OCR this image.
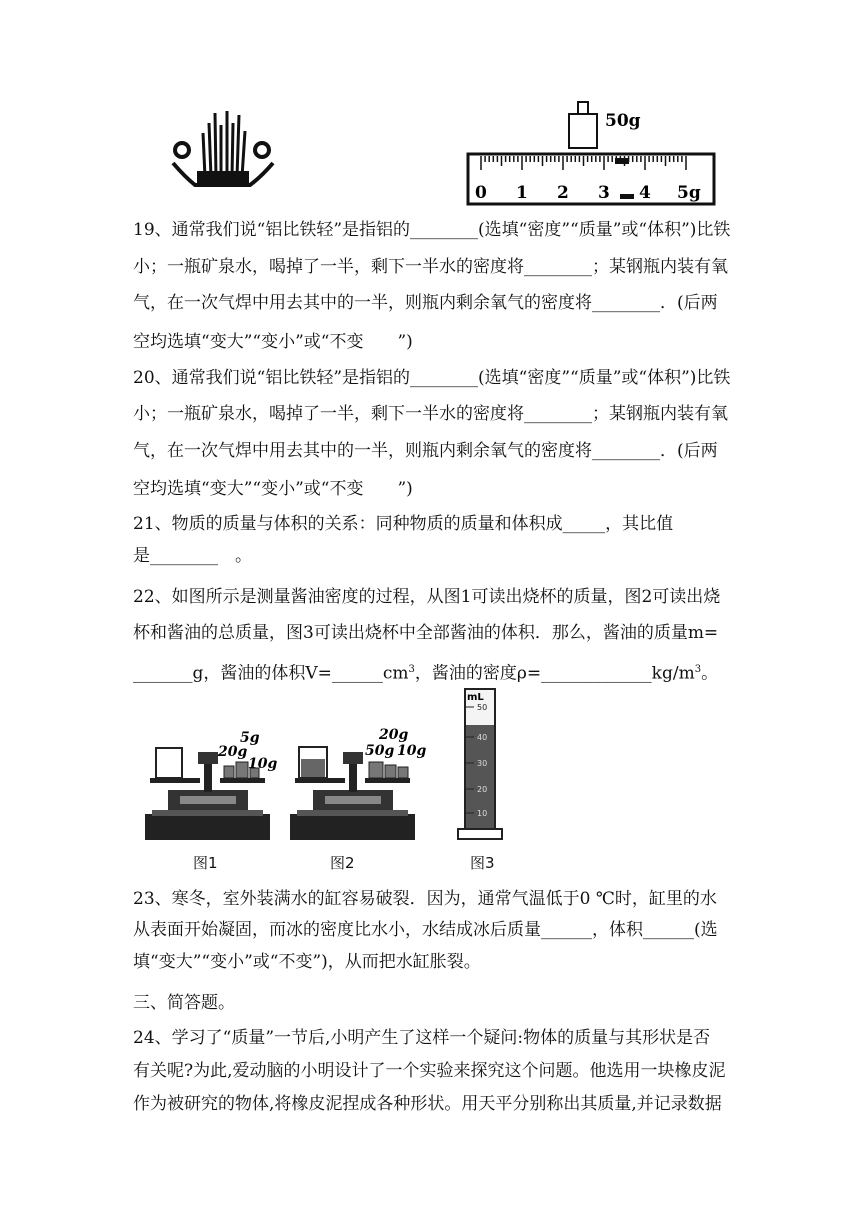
50g
0 1 2 3 4 5g
19、通常我们说“铝比铁轻”是指铝的________(选填“密度”“质量”或“体积”)比铁
小；一瓶矿泉水，喝掉了一半，剩下一半水的密度将________；某钢瓶内装有氧
气，在一次气焊中用去其中的一半，则瓶内剩余氧气的密度将________．(后两
空均选填“变大”“变小”或“不变　　”)
20、通常我们说“铝比铁轻”是指铝的________(选填“密度”“质量”或“体积”)比铁
小；一瓶矿泉水，喝掉了一半，剩下一半水的密度将________；某钢瓶内装有氧
气，在一次气焊中用去其中的一半，则瓶内剩余氧气的密度将________．(后两
空均选填“变大”“变小”或“不变　　”)
21、物质的质量与体积的关系：同种物质的质量和体积成_____，其比值
是________　。
22、如图所示是测量酱油密度的过程，从图1可读出烧杯的质量，图2可读出烧
杯和酱油的总质量，图3可读出烧杯中全部酱油的体积．那么，酱油的质量m=
_______g，酱油的体积$V=\_\_\_\_\_\_cm^3$，酱油的密度$\rho=\_\_\_\_\_\_\_\_\_\_\_\_\_kg/m^3$。
5g
20g
10g
图1
20g
50g 10g
图2
mL
50
40
30
20
10
图3
23、寒冬，室外装满水的缸容易破裂．因为，通常气温低于0 ℃时，缸里的水
从表面开始凝固，而冰的密度比水小，水结成冰后质量______，体积______(选
填“变大”“变小”或“不变”)，从而把水缸胀裂。
三、简答题。
24、学习了“质量”一节后,小明产生了这样一个疑问:物体的质量与其形状是否
有关呢?为此,爱动脑的小明设计了一个实验来探究这个问题。他选用一块橡皮泥
作为被研究的物体,将橡皮泥捏成各种形状。用天平分别称出其质量,并记录数据
